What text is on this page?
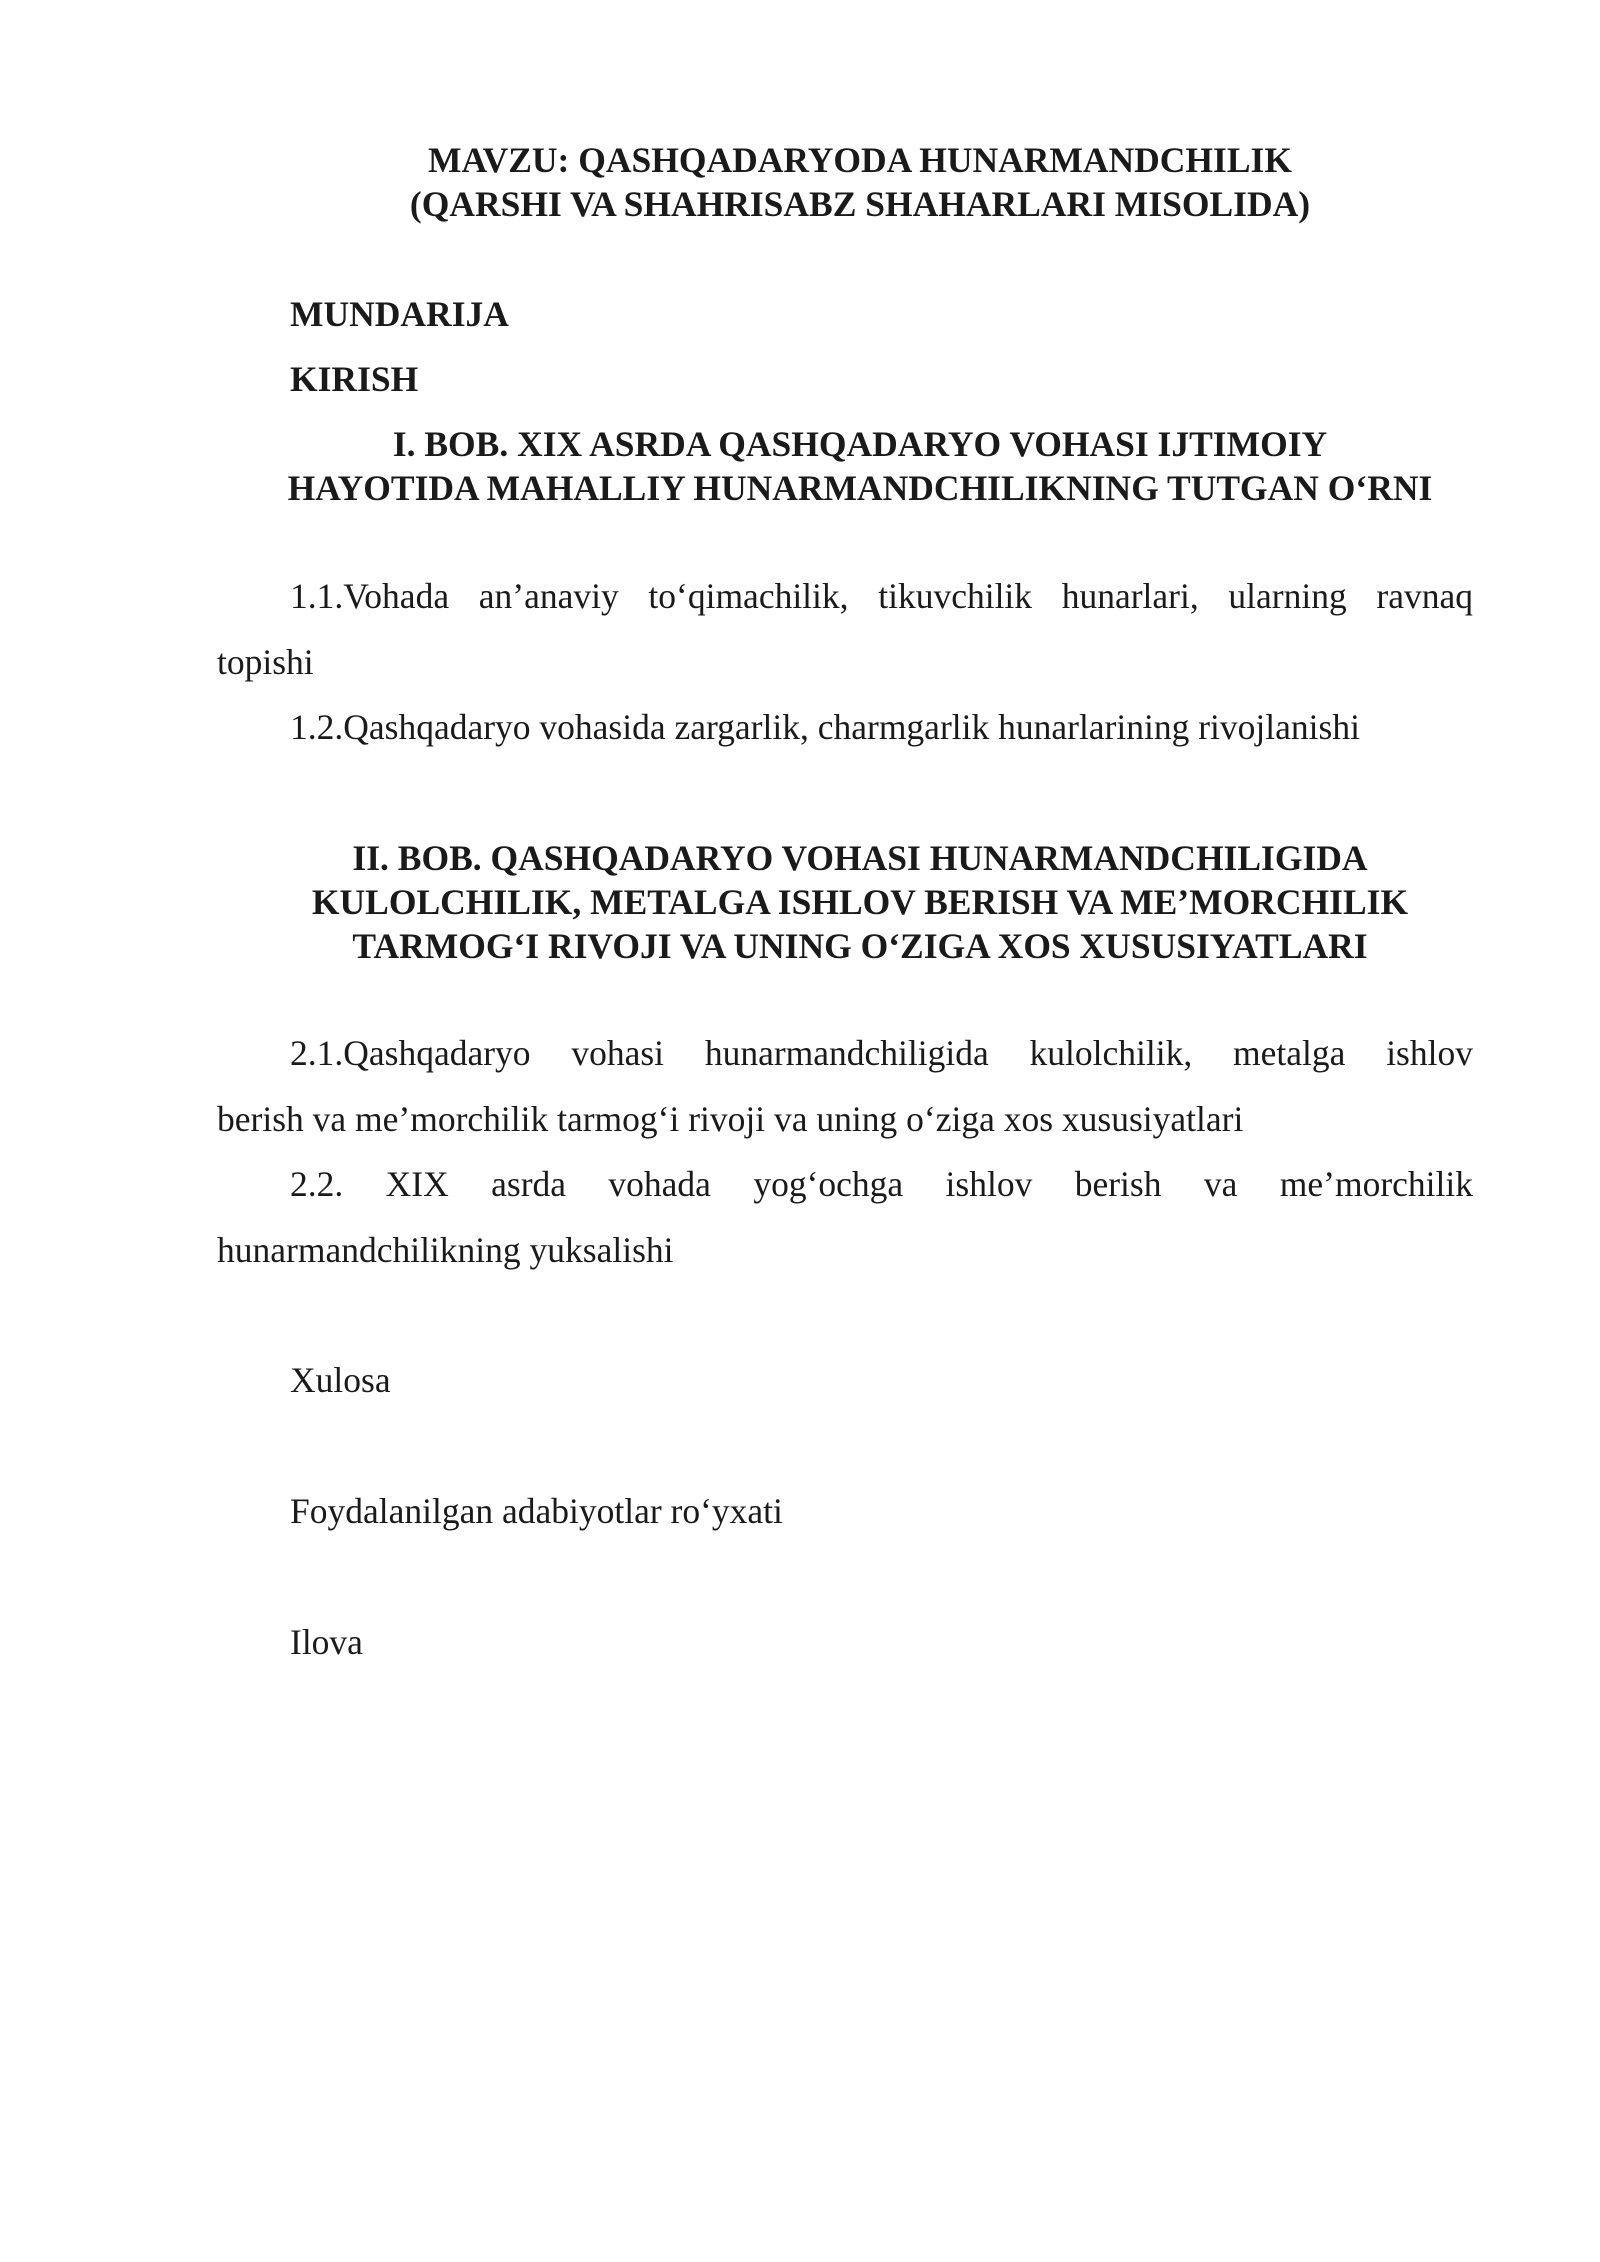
MAVZU: QASHQADARYODA HUNARMANDCHILIK
(QARSHI VA SHAHRISABZ SHAHARLARI MISOLIDA)
MUNDARIJA
KIRISH
I. BOB. XIX ASRDA QASHQADARYO VOHASI IJTIMOIY
HAYOTIDA MAHALLIY HUNARMANDCHILIKNING TUTGAN O‘RNI
1.1.Vohada an’anaviy to‘qimachilik, tikuvchilik hunarlari, ularning ravnaq
topishi
1.2.Qashqadaryo vohasida zargarlik, charmgarlik hunarlarining rivojlanishi
II. BOB. QASHQADARYO VOHASI HUNARMANDCHILIGIDA
KULOLCHILIK, METALGA ISHLOV BERISH VA ME’MORCHILIK
TARMOG‘I RIVOJI VA UNING O‘ZIGA XOS XUSUSIYATLARI
2.1.Qashqadaryo vohasi hunarmandchiligida kulolchilik, metalga ishlov
berish va me’morchilik tarmog‘i rivoji va uning o‘ziga xos xususiyatlari
2.2. XIX asrda vohada yog‘ochga ishlov berish va me’morchilik
hunarmandchilikning yuksalishi
Xulosa
Foydalanilgan adabiyotlar ro‘yxati
Ilova
